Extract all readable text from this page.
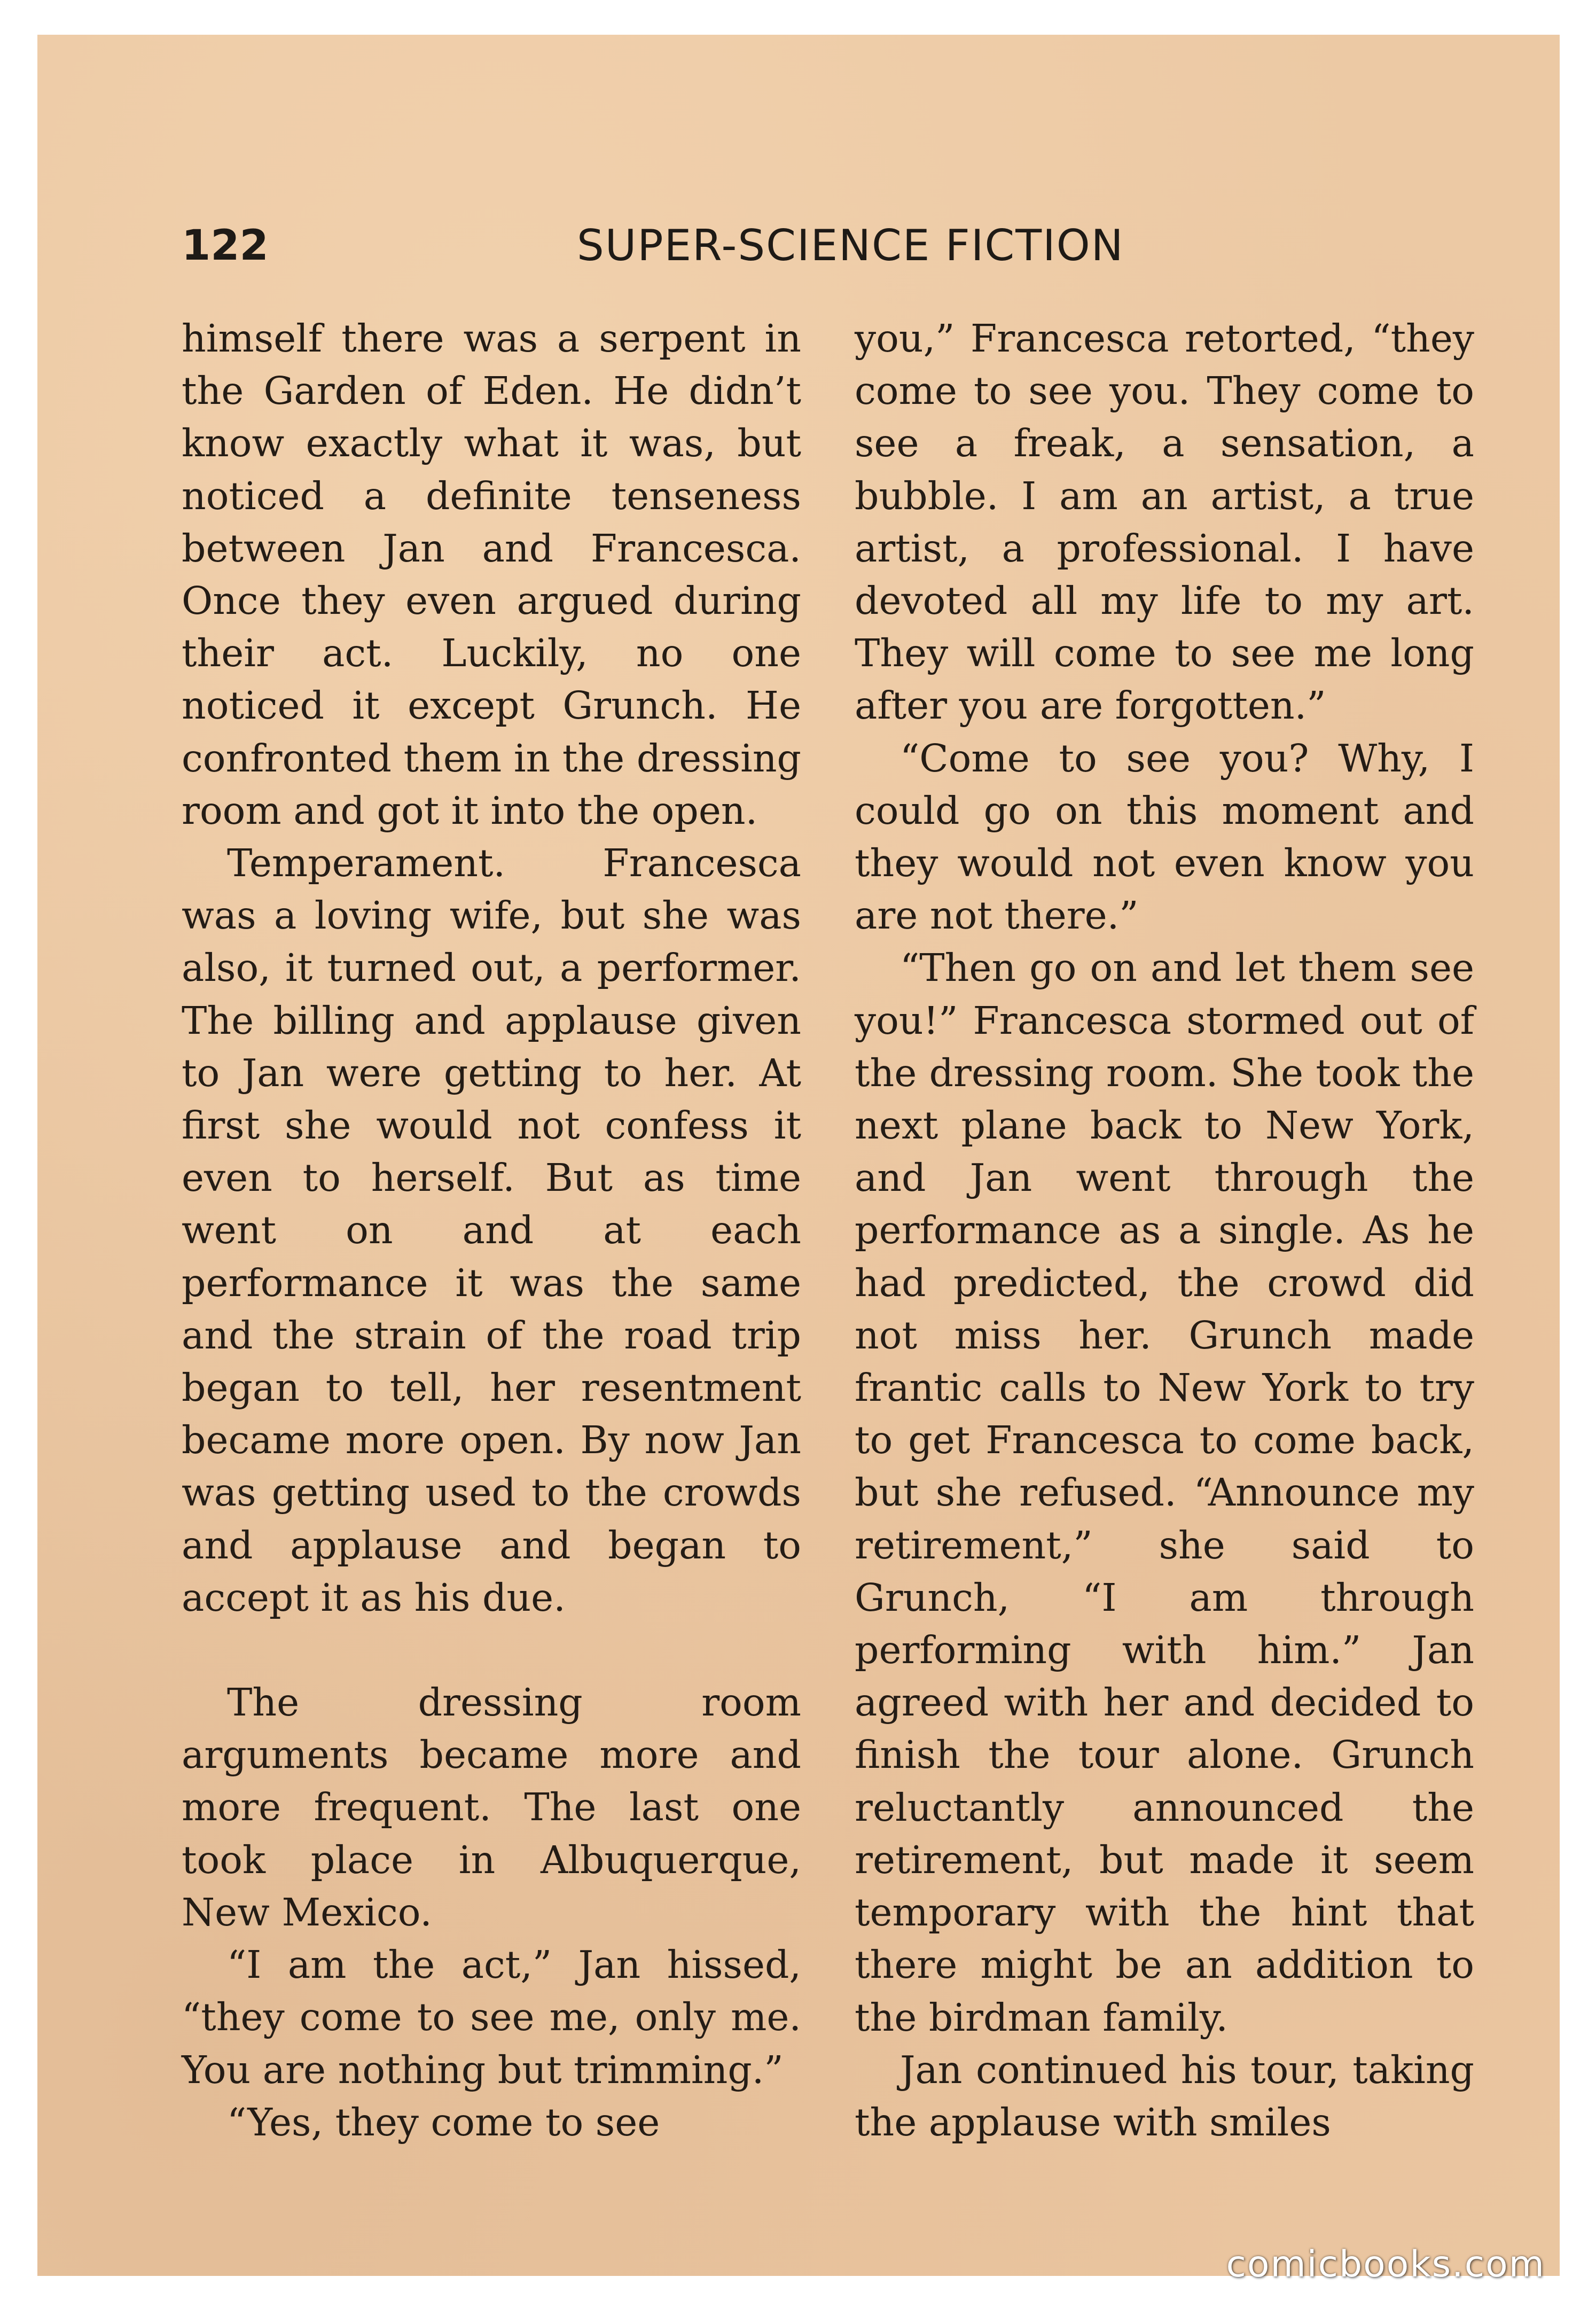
122	SUPER-SCIENCE FICTION

himself there was a serpent in the Garden of Eden. He didn’t know exactly what it was, but noticed a definite tenseness between Jan and Francesca. Once they even argued during their act. Luckily, no one noticed it except Grunch. He confronted them in the dressing room and got it into the open.

Temperament. Francesca was a loving wife, but she was also, it turned out, a performer. The billing and applause given to Jan were getting to her. At first she would not confess it even to herself. But as time went on and at each performance it was the same and the strain of the road trip began to tell, her resentment became more open. By now Jan was getting used to the crowds and applause and began to accept it as his due.

The dressing room arguments became more and more frequent. The last one took place in Albuquerque, New Mexico.

“I am the act,” Jan hissed, “they come to see me, only me. You are nothing but trimming.”

“Yes, they come to see

you,” Francesca retorted, “they come to see you. They come to see a freak, a sensation, a bubble. I am an artist, a true artist, a professional. I have devoted all my life to my art. They will come to see me long after you are forgotten.”

“Come to see you? Why, I could go on this moment and they would not even know you are not there.”

“Then go on and let them see you!” Francesca stormed out of the dressing room. She took the next plane back to New York, and Jan went through the performance as a single. As he had predicted, the crowd did not miss her. Grunch made frantic calls to New York to try to get Francesca to come back, but she refused. “Announce my retirement,” she said to Grunch, “I am through performing with him.” Jan agreed with her and decided to finish the tour alone. Grunch reluctantly announced the retirement, but made it seem temporary with the hint that there might be an addition to the birdman family.

Jan continued his tour, taking the applause with smiles

comicbooks.com
